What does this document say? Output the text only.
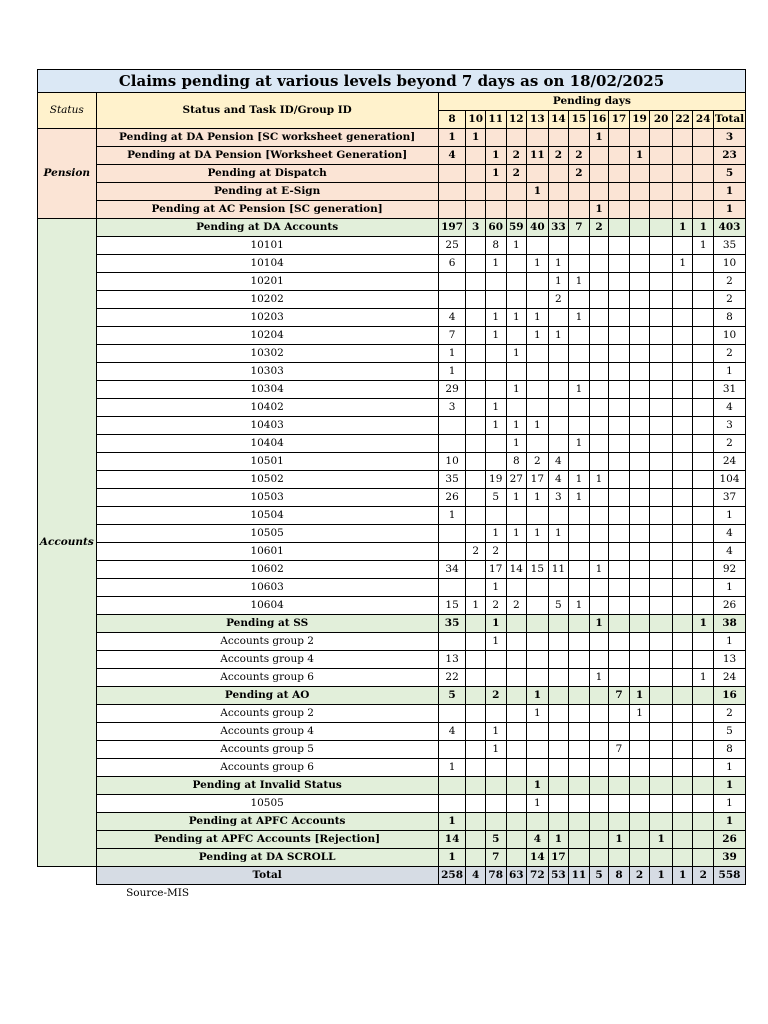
Claims pending at various levels beyond 7 days as on 18/02/2025															
Status	Status and Task ID/Group ID	Pending days													
		8	10	11	12	13	14	15	16	17	19	20	22	24	Total
Pension	Pending at DA Pension [SC worksheet generation]	1	1						1						3
	Pending at DA Pension [Worksheet Generation]	4		1	2	11	2	2			1				23
	Pending at Dispatch			1	2			2							5
	Pending at E-Sign					1									1
	Pending at AC Pension [SC generation]								1						1
Accounts	Pending at DA Accounts	197	3	60	59	40	33	7	2				1	1	403
	10101	25		8	1									1	35
	10104	6		1		1	1						1		10
	10201						1	1							2
	10202						2								2
	10203	4		1	1	1		1							8
	10204	7		1		1	1								10
	10302	1			1										2
	10303	1													1
	10304	29			1			1							31
	10402	3		1											4
	10403			1	1	1									3
	10404				1			1							2
	10501	10			8	2	4								24
	10502	35		19	27	17	4	1	1						104
	10503	26		5	1	1	3	1							37
	10504	1													1
	10505			1	1	1	1								4
	10601		2	2											4
	10602	34		17	14	15	11		1						92
	10603			1											1
	10604	15	1	2	2		5	1							26
	Pending at SS	35		1					1					1	38
	Accounts group 2			1											1
	Accounts group 4	13													13
	Accounts group 6	22							1					1	24
	Pending at AO	5		2		1				7	1				16
	Accounts group 2					1					1				2
	Accounts group 4	4		1											5
	Accounts group 5			1						7					8
	Accounts group 6	1													1
	Pending at Invalid Status					1									1
	10505					1									1
	Pending at APFC Accounts	1													1
	Pending at APFC Accounts [Rejection]	14		5		4	1			1		1			26
	Pending at DA SCROLL	1		7		14	17								39
	Total	258	4	78	63	72	53	11	5	8	2	1	1	2	558
	Source-MIS														
